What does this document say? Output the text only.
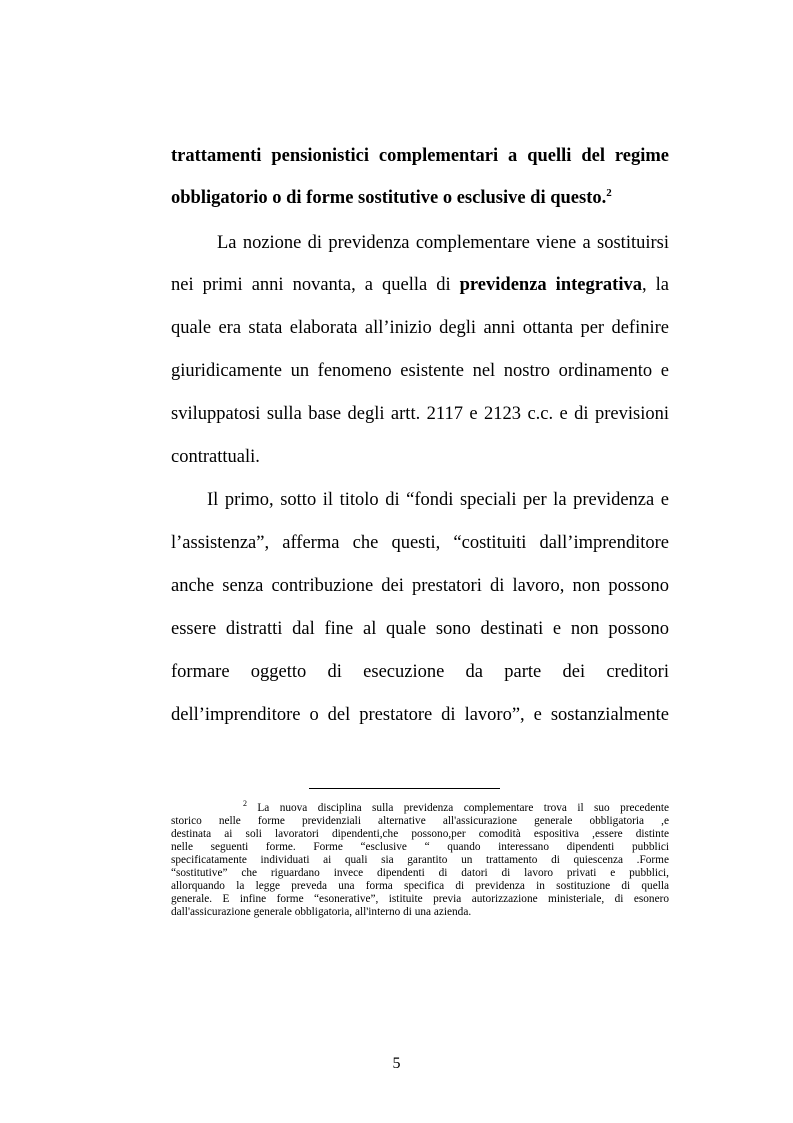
trattamenti pensionistici complementari a quelli del regime
obbligatorio o di forme sostitutive o esclusive di questo.$^2$
La nozione di previdenza complementare viene a sostituirsi
nei primi anni novanta, a quella di previdenza integrativa, la
quale era stata elaborata all’inizio degli anni ottanta per definire
giuridicamente un fenomeno esistente nel nostro ordinamento e
sviluppatosi sulla base degli artt. 2117 e 2123 c.c. e di previsioni
contrattuali.
Il primo, sotto il titolo di “fondi speciali per la previdenza e
l’assistenza”, afferma che questi, “costituiti dall’imprenditore
anche senza contribuzione dei prestatori di lavoro, non possono
essere distratti dal fine al quale sono destinati e non possono
formare oggetto di esecuzione da parte dei creditori
dell’imprenditore o del prestatore di lavoro”, e sostanzialmente
$^2$ La nuova disciplina sulla previdenza complementare trova il suo precedente
storico nelle forme previdenziali alternative all'assicurazione generale obbligatoria ,e
destinata ai soli lavoratori dipendenti,che possono,per comodità espositiva ,essere distinte
nelle seguenti forme. Forme “esclusive “ quando interessano dipendenti pubblici
specificatamente individuati ai quali sia garantito un trattamento di quiescenza .Forme
“sostitutive” che riguardano invece dipendenti di datori di lavoro privati e pubblici,
allorquando la legge preveda una forma specifica di previdenza in sostituzione di quella
generale. E infine forme “esonerative”, istituite previa autorizzazione ministeriale, di esonero
dall'assicurazione generale obbligatoria, all'interno di una azienda.
5
